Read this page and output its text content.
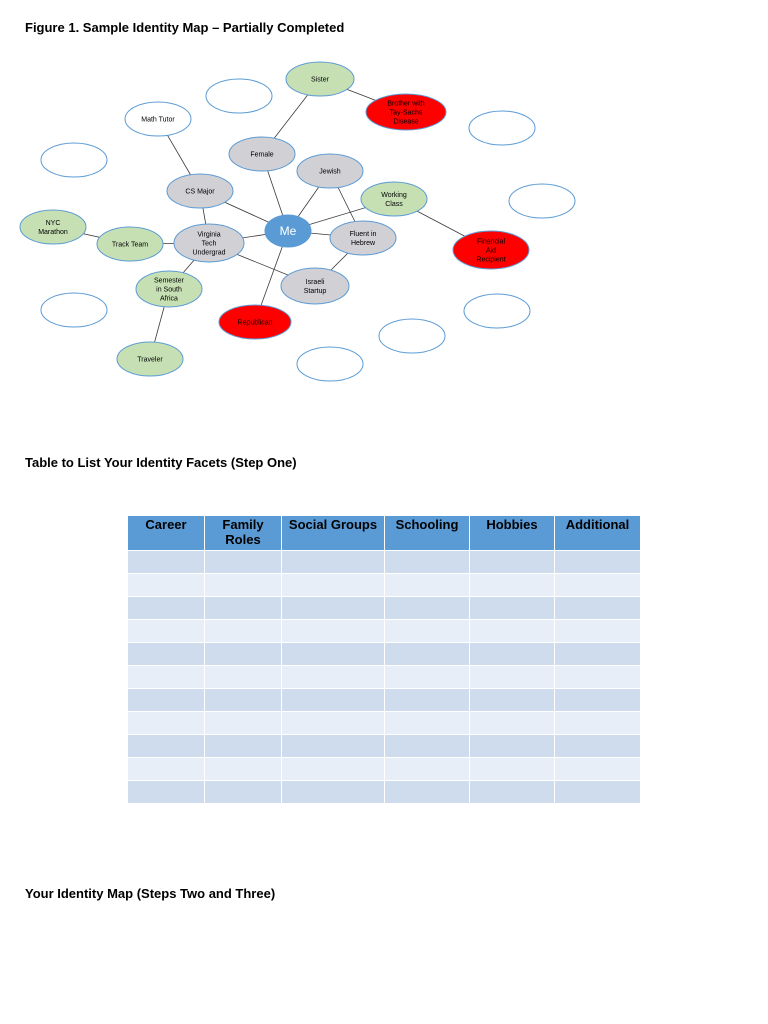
Figure 1. Sample Identity Map – Partially Completed

Me
Sister
Brother with Tay-Sachs Disease
Math Tutor
Female
Jewish
CS Major	Working Class
NYC Marathon
Track Team
Virginia Tech Undergrad
Fluent in Hebrew	Financial Aid Recipient
Semester in South Africa
Israeli Startup
Republican
Traveler

Table to List Your Identity Facets (Step One)

Career	Family Roles	Social Groups	Schooling	Hobbies	Additional

Your Identity Map (Steps Two and Three)
